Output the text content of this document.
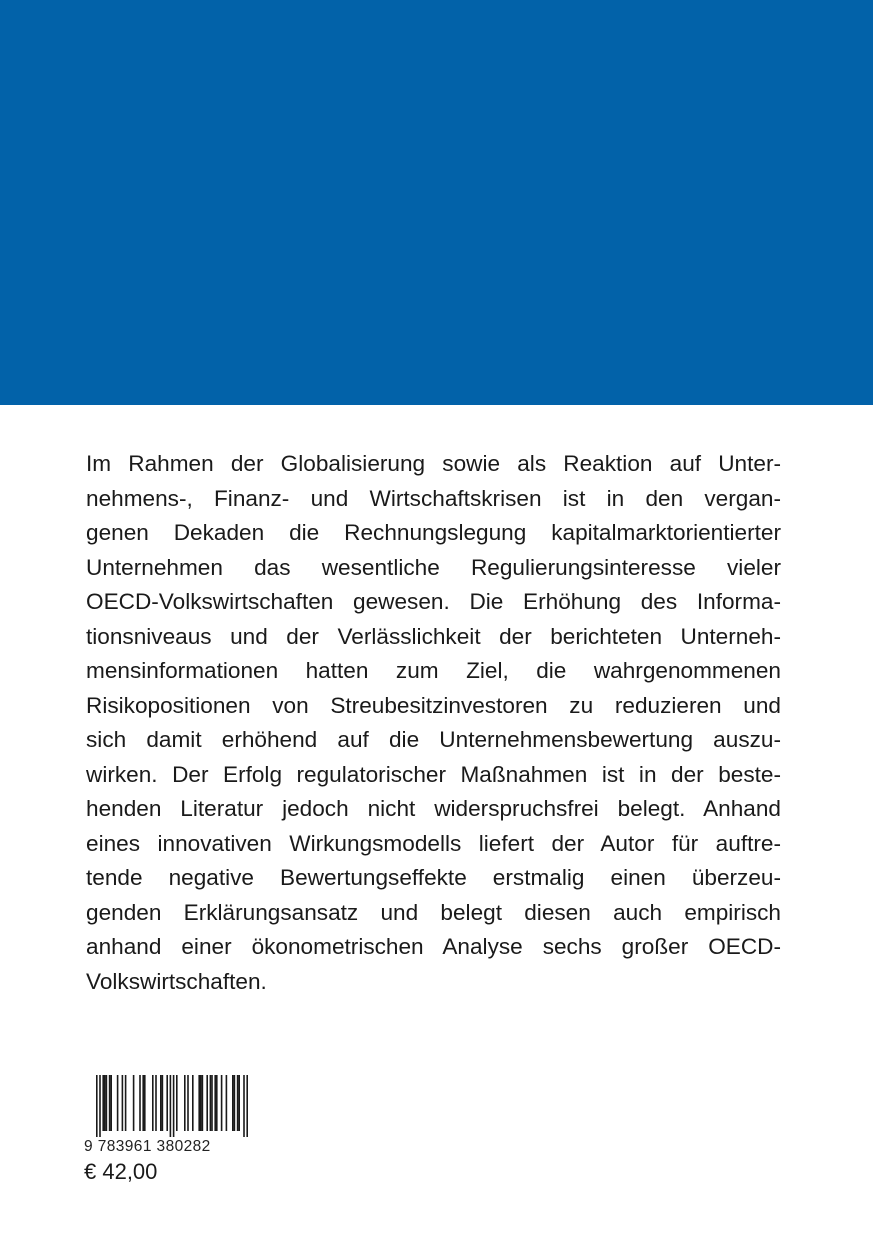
Im Rahmen der Globalisierung sowie als Reaktion auf Unter-
nehmens-, Finanz- und Wirtschaftskrisen ist in den vergan-
genen Dekaden die Rechnungslegung kapitalmarktorientierter
Unternehmen das wesentliche Regulierungsinteresse vieler
OECD-Volkswirtschaften gewesen. Die Erhöhung des Informa-
tionsniveaus und der Verlässlichkeit der berichteten Unterneh-
mensinformationen hatten zum Ziel, die wahrgenommenen
Risikopositionen von Streubesitzinvestoren zu reduzieren und
sich damit erhöhend auf die Unternehmensbewertung auszu-
wirken. Der Erfolg regulatorischer Maßnahmen ist in der beste-
henden Literatur jedoch nicht widerspruchsfrei belegt. Anhand
eines innovativen Wirkungsmodells liefert der Autor für auftre-
tende negative Bewertungseffekte erstmalig einen überzeu-
genden Erklärungsansatz und belegt diesen auch empirisch
anhand einer ökonometrischen Analyse sechs großer OECD-
Volkswirtschaften.
9 783961 380282
€ 42,00
